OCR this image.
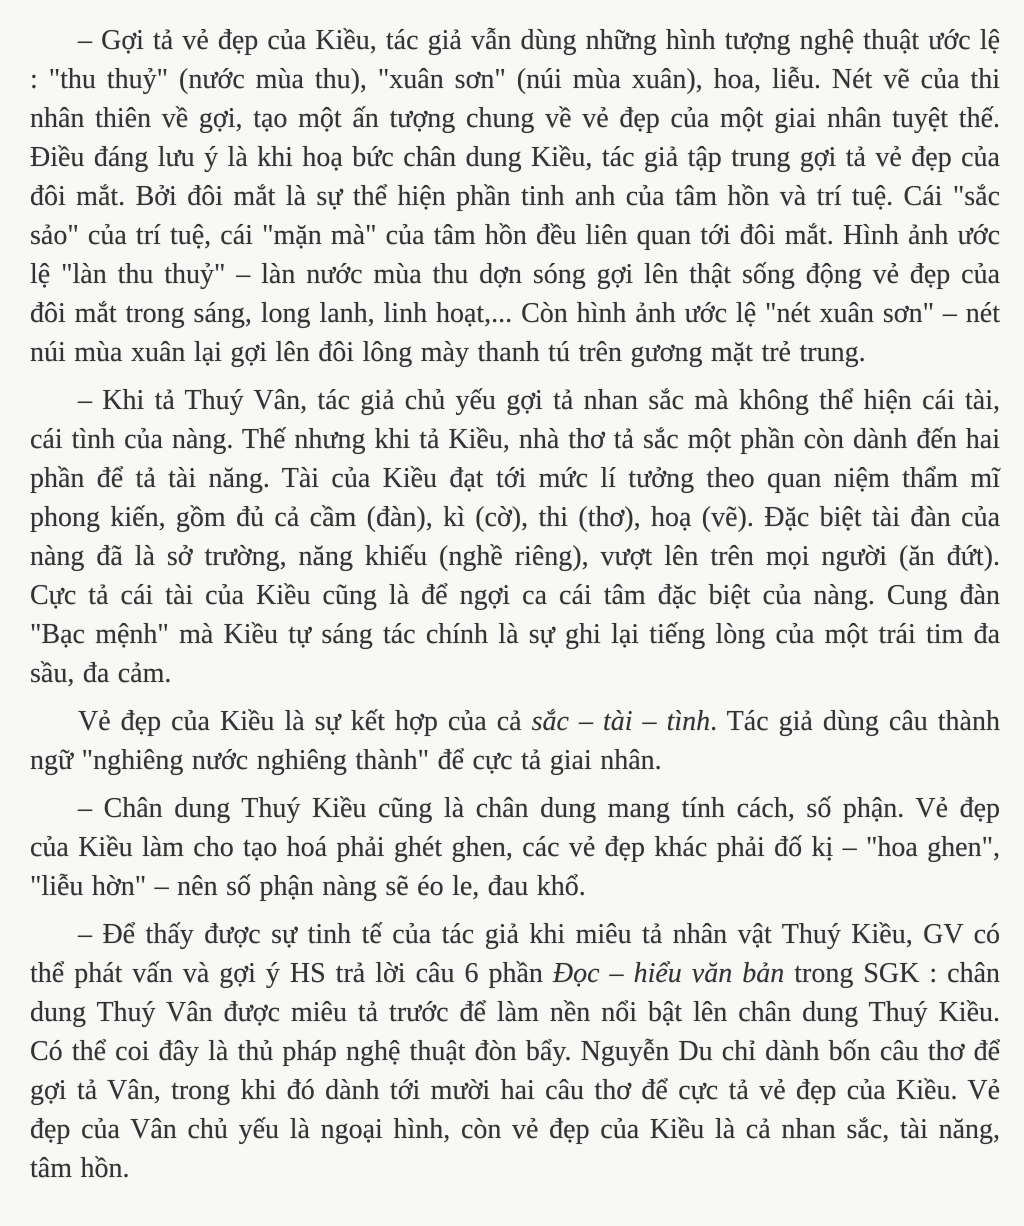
– Gợi tả vẻ đẹp của Kiều, tác giả vẫn dùng những hình tượng nghệ thuật ước lệ : "thu thuỷ" (nước mùa thu), "xuân sơn" (núi mùa xuân), hoa, liễu. Nét vẽ của thi nhân thiên về gợi, tạo một ấn tượng chung về vẻ đẹp của một giai nhân tuyệt thế. Điều đáng lưu ý là khi hoạ bức chân dung Kiều, tác giả tập trung gợi tả vẻ đẹp của đôi mắt. Bởi đôi mắt là sự thể hiện phần tinh anh của tâm hồn và trí tuệ. Cái "sắc sảo" của trí tuệ, cái "mặn mà" của tâm hồn đều liên quan tới đôi mắt. Hình ảnh ước lệ "làn thu thuỷ" – làn nước mùa thu dợn sóng gợi lên thật sống động vẻ đẹp của đôi mắt trong sáng, long lanh, linh hoạt,... Còn hình ảnh ước lệ "nét xuân sơn" – nét núi mùa xuân lại gợi lên đôi lông mày thanh tú trên gương mặt trẻ trung.

– Khi tả Thuý Vân, tác giả chủ yếu gợi tả nhan sắc mà không thể hiện cái tài, cái tình của nàng. Thế nhưng khi tả Kiều, nhà thơ tả sắc một phần còn dành đến hai phần để tả tài năng. Tài của Kiều đạt tới mức lí tưởng theo quan niệm thẩm mĩ phong kiến, gồm đủ cả cầm (đàn), kì (cờ), thi (thơ), hoạ (vẽ). Đặc biệt tài đàn của nàng đã là sở trường, năng khiếu (nghề riêng), vượt lên trên mọi người (ăn đứt). Cực tả cái tài của Kiều cũng là để ngợi ca cái tâm đặc biệt của nàng. Cung đàn "Bạc mệnh" mà Kiều tự sáng tác chính là sự ghi lại tiếng lòng của một trái tim đa sầu, đa cảm.

Vẻ đẹp của Kiều là sự kết hợp của cả sắc – tài – tình. Tác giả dùng câu thành ngữ "nghiêng nước nghiêng thành" để cực tả giai nhân.

– Chân dung Thuý Kiều cũng là chân dung mang tính cách, số phận. Vẻ đẹp của Kiều làm cho tạo hoá phải ghét ghen, các vẻ đẹp khác phải đố kị – "hoa ghen", "liễu hờn" – nên số phận nàng sẽ éo le, đau khổ.

– Để thấy được sự tinh tế của tác giả khi miêu tả nhân vật Thuý Kiều, GV có thể phát vấn và gợi ý HS trả lời câu 6 phần Đọc – hiểu văn bản trong SGK : chân dung Thuý Vân được miêu tả trước để làm nền nổi bật lên chân dung Thuý Kiều. Có thể coi đây là thủ pháp nghệ thuật đòn bẩy. Nguyễn Du chỉ dành bốn câu thơ để gợi tả Vân, trong khi đó dành tới mười hai câu thơ để cực tả vẻ đẹp của Kiều. Vẻ đẹp của Vân chủ yếu là ngoại hình, còn vẻ đẹp của Kiều là cả nhan sắc, tài năng, tâm hồn.
